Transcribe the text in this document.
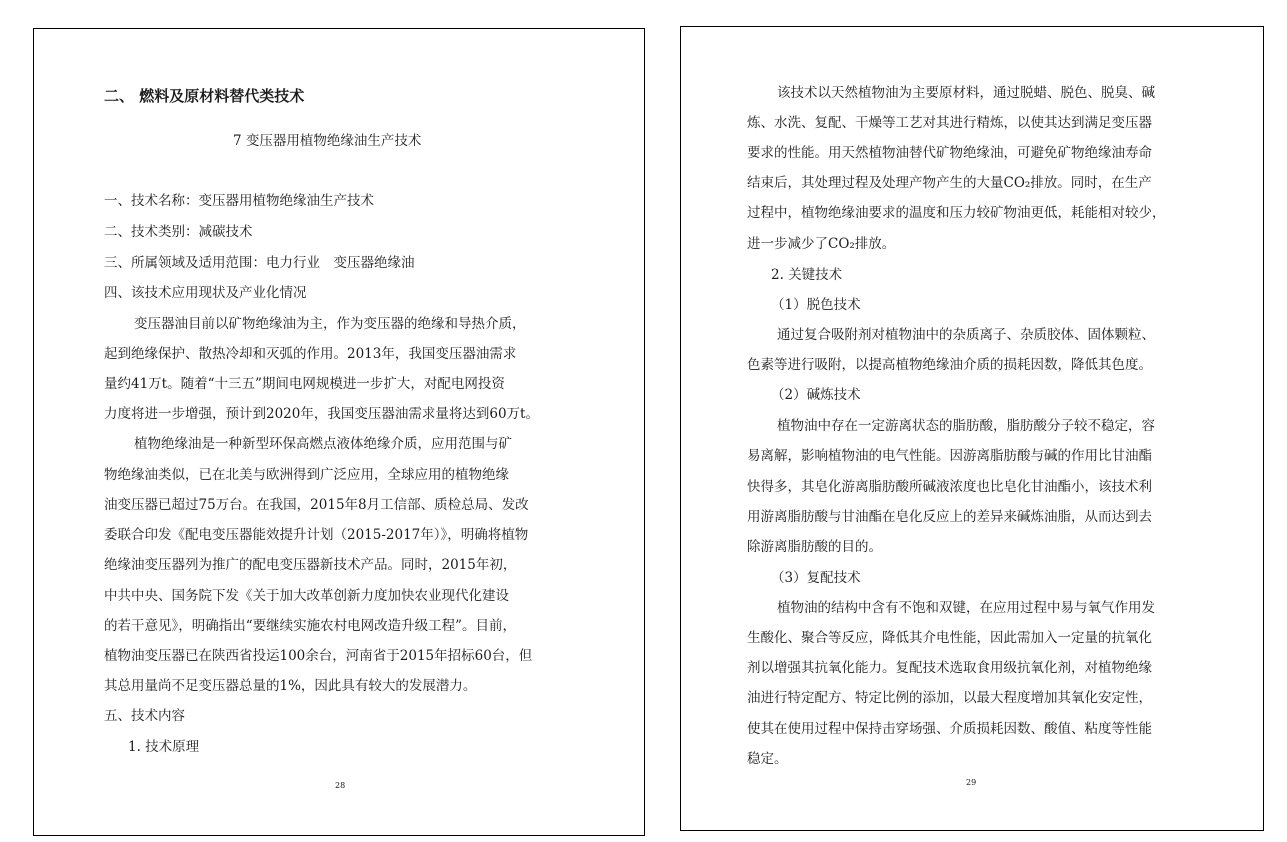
二、 燃料及原材料替代类技术
7 变压器用植物绝缘油生产技术
一、技术名称：变压器用植物绝缘油生产技术
二、技术类别：减碳技术
三、所属领域及适用范围：电力行业　变压器绝缘油
四、该技术应用现状及产业化情况
变压器油目前以矿物绝缘油为主，作为变压器的绝缘和导热介质，
起到绝缘保护、散热冷却和灭弧的作用。2013年，我国变压器油需求
量约41万t。随着“十三五”期间电网规模进一步扩大，对配电网投资
力度将进一步增强，预计到2020年，我国变压器油需求量将达到60万t。
植物绝缘油是一种新型环保高燃点液体绝缘介质，应用范围与矿
物绝缘油类似，已在北美与欧洲得到广泛应用，全球应用的植物绝缘
油变压器已超过75万台。在我国，2015年8月工信部、质检总局、发改
委联合印发《配电变压器能效提升计划（2015-2017年）》，明确将植物
绝缘油变压器列为推广的配电变压器新技术产品。同时，2015年初，
中共中央、国务院下发《关于加大改革创新力度加快农业现代化建设
的若干意见》，明确指出“要继续实施农村电网改造升级工程”。目前，
植物油变压器已在陕西省投运100余台，河南省于2015年招标60台，但
其总用量尚不足变压器总量的1%，因此具有较大的发展潜力。
五、技术内容
1. 技术原理
28
该技术以天然植物油为主要原材料，通过脱蜡、脱色、脱臭、碱
炼、水洗、复配、干燥等工艺对其进行精炼，以使其达到满足变压器
要求的性能。用天然植物油替代矿物绝缘油，可避免矿物绝缘油寿命
结束后，其处理过程及处理产物产生的大量CO₂排放。同时，在生产
过程中，植物绝缘油要求的温度和压力较矿物油更低，耗能相对较少，
进一步减少了CO₂排放。
2. 关键技术
（1）脱色技术
通过复合吸附剂对植物油中的杂质离子、杂质胶体、固体颗粒、
色素等进行吸附，以提高植物绝缘油介质的损耗因数，降低其色度。
（2）碱炼技术
植物油中存在一定游离状态的脂肪酸，脂肪酸分子较不稳定，容
易离解，影响植物油的电气性能。因游离脂肪酸与碱的作用比甘油酯
快得多，其皂化游离脂肪酸所碱液浓度也比皂化甘油酯小，该技术利
用游离脂肪酸与甘油酯在皂化反应上的差异来碱炼油脂，从而达到去
除游离脂肪酸的目的。
（3）复配技术
植物油的结构中含有不饱和双键，在应用过程中易与氧气作用发
生酸化、聚合等反应，降低其介电性能，因此需加入一定量的抗氧化
剂以增强其抗氧化能力。复配技术选取食用级抗氧化剂，对植物绝缘
油进行特定配方、特定比例的添加，以最大程度增加其氧化安定性，
使其在使用过程中保持击穿场强、介质损耗因数、酸值、粘度等性能
稳定。
29
